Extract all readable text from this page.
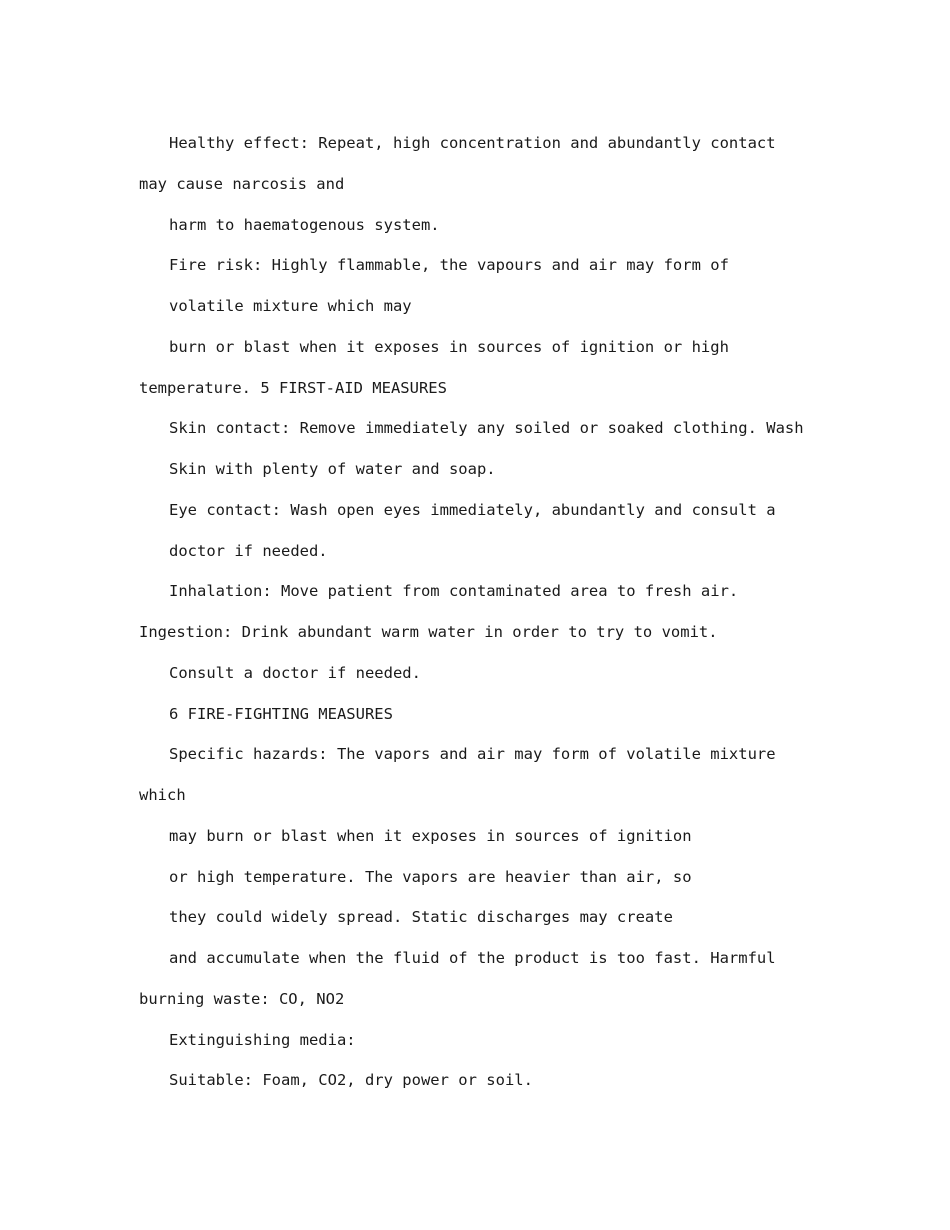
Healthy effect: Repeat, high concentration and abundantly contact
may cause narcosis and
harm to haematogenous system.
Fire risk: Highly flammable, the vapours and air may form of
volatile mixture which may
burn or blast when it exposes in sources of ignition or high
temperature. 5 FIRST-AID MEASURES
Skin contact: Remove immediately any soiled or soaked clothing. Wash
Skin with plenty of water and soap.
Eye contact: Wash open eyes immediately, abundantly and consult a
doctor if needed.
Inhalation: Move patient from contaminated area to fresh air.
Ingestion: Drink abundant warm water in order to try to vomit.
Consult a doctor if needed.
6 FIRE-FIGHTING MEASURES
Specific hazards: The vapors and air may form of volatile mixture
which
may burn or blast when it exposes in sources of ignition
or high temperature. The vapors are heavier than air, so
they could widely spread. Static discharges may create
and accumulate when the fluid of the product is too fast. Harmful
burning waste: CO, NO2
Extinguishing media:
Suitable: Foam, CO2, dry power or soil.
